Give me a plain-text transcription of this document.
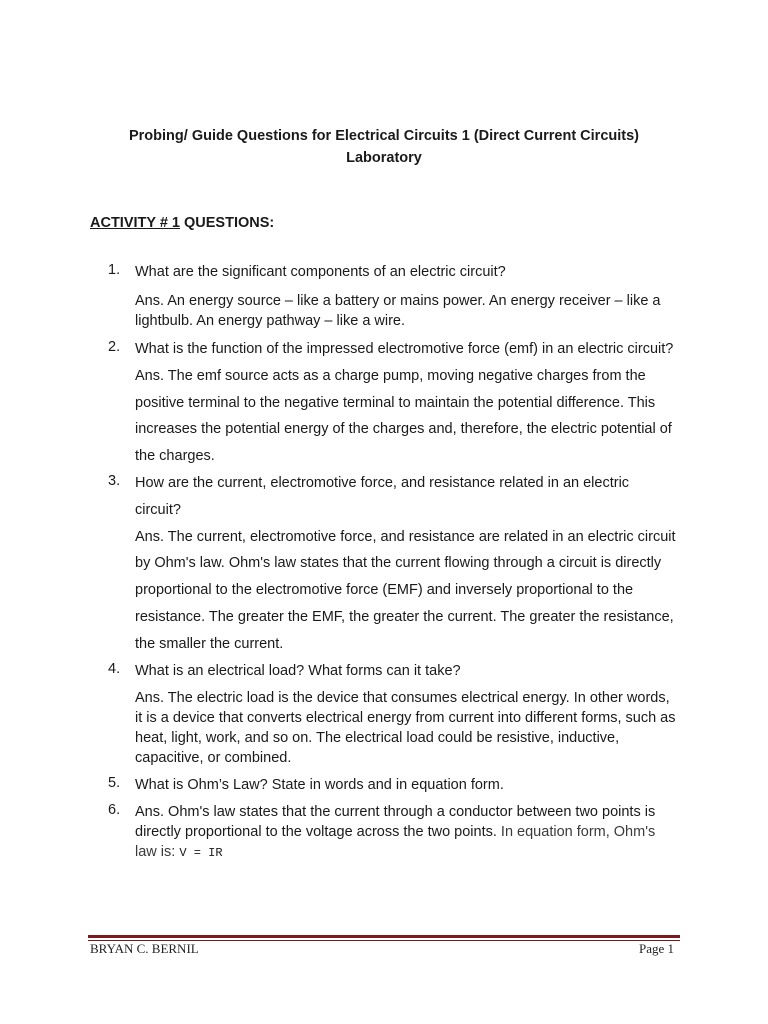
Probing/ Guide Questions for Electrical Circuits 1 (Direct Current Circuits)
Laboratory
ACTIVITY # 1 QUESTIONS:
1.	What are the significant components of an electric circuit?

Ans. An energy source – like a battery or mains power. An energy receiver – like a lightbulb. An energy pathway – like a wire.

2.	What is the function of the impressed electromotive force (emf) in an electric circuit?

Ans. The emf source acts as a charge pump, moving negative charges from the positive terminal to the negative terminal to maintain the potential difference. This increases the potential energy of the charges and, therefore, the electric potential of the charges.

3.	How are the current, electromotive force, and resistance related in an electric circuit?

Ans. The current, electromotive force, and resistance are related in an electric circuit by Ohm's law. Ohm's law states that the current flowing through a circuit is directly proportional to the electromotive force (EMF) and inversely proportional to the resistance. The greater the EMF, the greater the current. The greater the resistance, the smaller the current.

4.	What is an electrical load? What forms can it take?

Ans. The electric load is the device that consumes electrical energy. In other words, it is a device that converts electrical energy from current into different forms, such as heat, light, work, and so on. The electrical load could be resistive, inductive, capacitive, or combined.

5.	What is Ohm’s Law? State in words and in equation form.

6.	Ans. Ohm's law states that the current through a conductor between two points is directly proportional to the voltage across the two points. In equation form, Ohm's law is: V = IR

BRYAN C. BERNIL	Page 1
